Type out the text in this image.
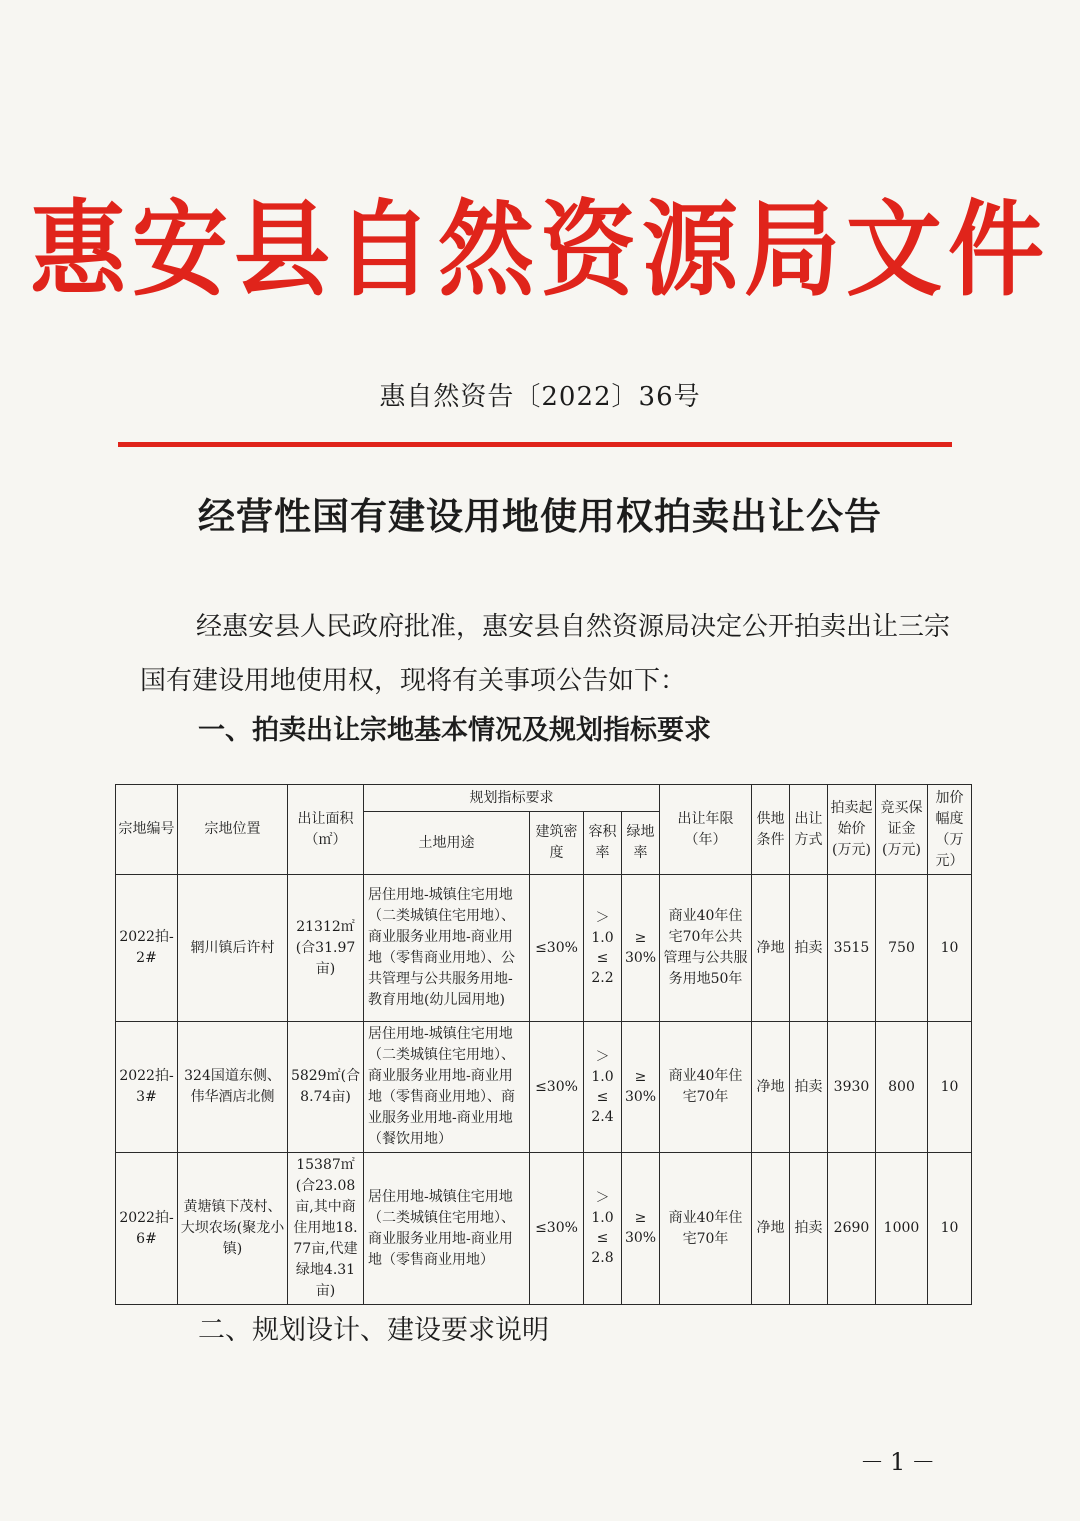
惠安县自然资源局文件
惠自然资告〔2022〕36号
经营性国有建设用地使用权拍卖出让公告
经惠安县人民政府批准，惠安县自然资源局决定公开拍卖出让三宗国有建设用地使用权，现将有关事项公告如下：
一、拍卖出让宗地基本情况及规划指标要求
宗地编号	宗地位置	出让面积（㎡）	规划指标要求				出让年限（年）	供地条件	出让方式	拍卖起始价(万元)	竞买保证金(万元)	加价幅度（万元）
			土地用途	建筑密度	容积率	绿地率						
2022拍-2#	辋川镇后许村	21312㎡(合31.97亩)	居住用地-城镇住宅用地（二类城镇住宅用地）、商业服务业用地-商业用地（零售商业用地）、公共管理与公共服务用地-教育用地(幼儿园用地)	≤30%	＞
1.0
≤
2.2	≥
30%	商业40年住宅70年公共管理与公共服务用地50年	净地	拍卖	3515	750	10
2022拍-3#	324国道东侧、伟华酒店北侧	5829㎡(合8.74亩)	居住用地-城镇住宅用地（二类城镇住宅用地）、商业服务业用地-商业用地（零售商业用地）、商业服务业用地-商业用地（餐饮用地）	≤30%	＞
1.0
≤
2.4	≥
30%	商业40年住宅70年	净地	拍卖	3930	800	10
2022拍-6#	黄塘镇下茂村、大坝农场(聚龙小镇)	15387㎡(合23.08亩,其中商住用地18.77亩,代建绿地4.31亩)	居住用地-城镇住宅用地（二类城镇住宅用地）、商业服务业用地-商业用地（零售商业用地）	≤30%	＞
1.0
≤
2.8	≥
30%	商业40年住宅70年	净地	拍卖	2690	1000	10
二、规划设计、建设要求说明
－1－
